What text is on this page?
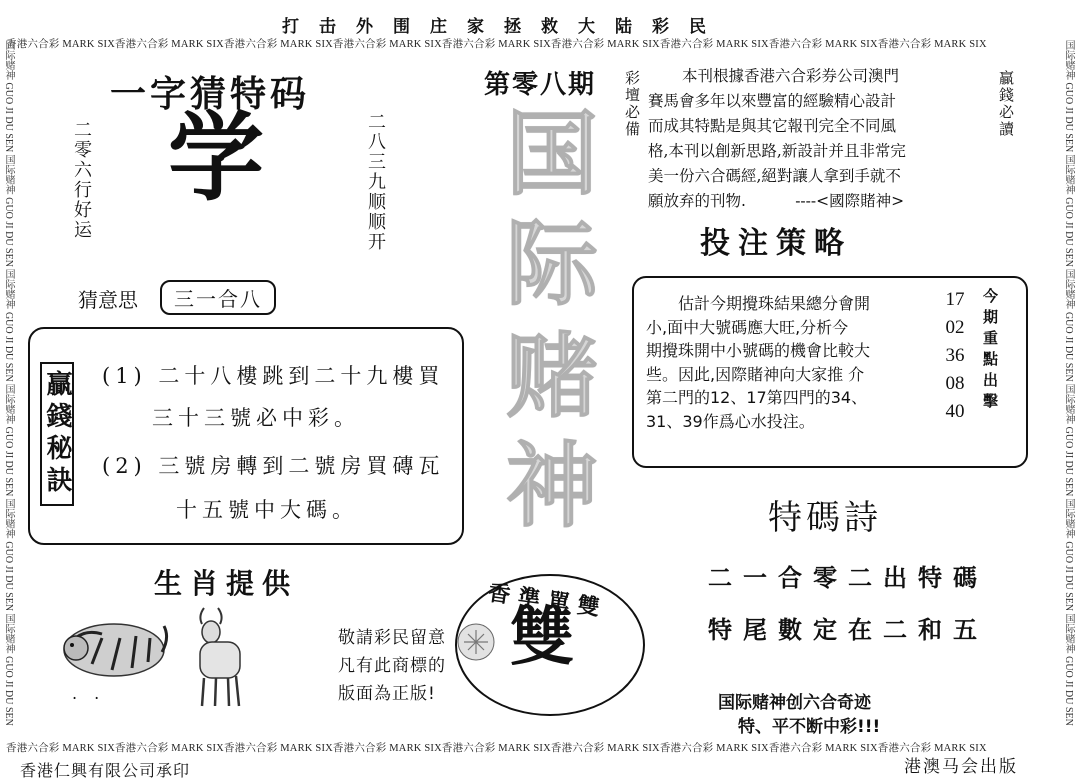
香港六合彩 MARK SIX香港六合彩 MARK SIX香港六合彩 MARK SIX香港六合彩 MARK SIX香港六合彩 MARK SIX香港六合彩 MARK SIX香港六合彩 MARK SIX香港六合彩 MARK SIX香港六合彩 MARK SIX
香港六合彩 MARK SIX香港六合彩 MARK SIX香港六合彩 MARK SIX香港六合彩 MARK SIX香港六合彩 MARK SIX香港六合彩 MARK SIX香港六合彩 MARK SIX香港六合彩 MARK SIX香港六合彩 MARK SIX
国际赌神 GUO JI DU SEN 国际赌神 GUO JI DU SEN 国际赌神 GUO JI DU SEN 国际赌神 GUO JI DU SEN 国际赌神 GUO JI DU SEN 国际赌神 GUO JI DU SEN	国际赌神 GUO JI DU SEN 国际赌神 GUO JI DU SEN 国际赌神 GUO JI DU SEN 国际赌神 GUO JI DU SEN 国际赌神 GUO JI DU SEN 国际赌神 GUO JI DU SEN
打击外围庄家拯救大陆彩民
一字猜特码
二零六行好运 学	二八三九顺顺开
猜意思	三一合八
第零八期
国
际
赌
神
彩壇必備	贏錢必讀
本刊根據香港六合彩券公司澳門
賽馬會多年以來豐富的經驗精心設計
而成其特點是與其它報刊完全不同風
格,本刊以創新思路,新設計并且非常完
美一份六合碼經,絕對讓人拿到手就不
願放弃的刊物.          ----<國際賭神>
贏錢秘訣 (1) 二十八樓跳到二十九樓買
三十三號必中彩。
(2) 三號房轉到二號房買磚瓦
十五號中大碼。
投注策略

估計今期攪珠結果總分會開

小,面中大號碼應大旺,分析今

期攪珠開中小號碼的機會比較大

些。因此,因際賭神向大家推 介

第二門的12、17第四門的34、

31、39作爲心水投注。

17
02
36
08
40	今期重點出擊
特碼詩
二一合零二出特碼
特尾數定在二和五
生肖提供
. .
敬請彩民留意
凡有此商標的
版面為正版!
香準單雙
雙
国际赌神创六合奇迹
特、平不断中彩!!!
香港仁興有限公司承印	港澳马会出版
